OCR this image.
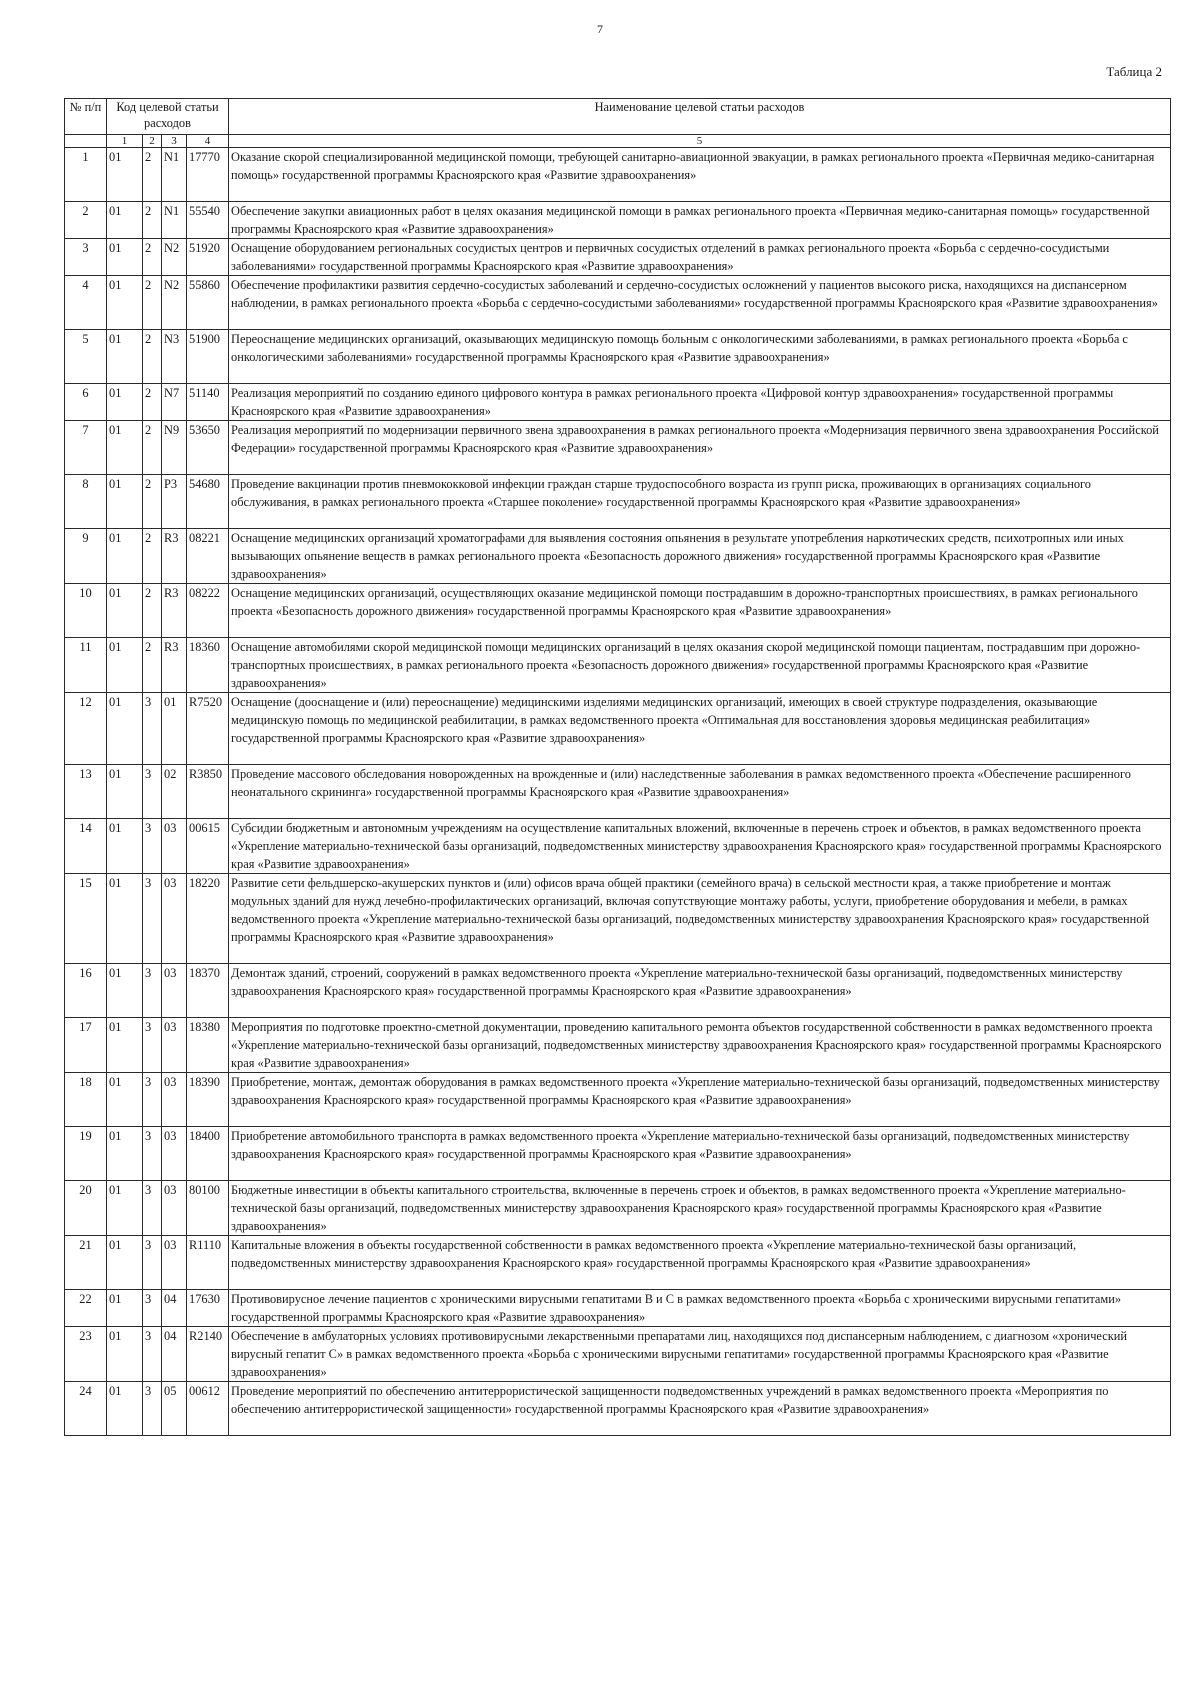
7
Таблица 2
№ п/п	Код целевой статьи расходов				Наименование целевой статьи расходов
	1	2	3	4	5
1	01	2	N1	17770	Оказание скорой специализированной медицинской помощи, требующей санитарно-авиационной эвакуации, в рамках регионального проекта «Первичная медико-санитарная помощь» государственной программы Красноярского края «Развитие здравоохранения»
2	01	2	N1	55540	Обеспечение закупки авиационных работ в целях оказания медицинской помощи в рамках регионального проекта «Первичная медико-санитарная помощь» государственной программы Красноярского края «Развитие здравоохранения»
3	01	2	N2	51920	Оснащение оборудованием региональных сосудистых центров и первичных сосудистых отделений в рамках регионального проекта «Борьба с сердечно-сосудистыми заболеваниями» государственной программы Красноярского края «Развитие здравоохранения»
4	01	2	N2	55860	Обеспечение профилактики развития сердечно-сосудистых заболеваний и сердечно-сосудистых осложнений у пациентов высокого риска, находящихся на диспансерном наблюдении, в рамках регионального проекта «Борьба с сердечно-сосудистыми заболеваниями» государственной программы Красноярского края «Развитие здравоохранения»
5	01	2	N3	51900	Переоснащение медицинских организаций, оказывающих медицинскую помощь больным с онкологическими заболеваниями, в рамках регионального проекта «Борьба с онкологическими заболеваниями» государственной программы Красноярского края «Развитие здравоохранения»
6	01	2	N7	51140	Реализация мероприятий по созданию единого цифрового контура в рамках регионального проекта «Цифровой контур здравоохранения» государственной программы Красноярского края «Развитие здравоохранения»
7	01	2	N9	53650	Реализация мероприятий по модернизации первичного звена здравоохранения в рамках регионального проекта «Модернизация первичного звена здравоохранения Российской Федерации» государственной программы Красноярского края «Развитие здравоохранения»
8	01	2	P3	54680	Проведение вакцинации против пневмококковой инфекции граждан старше трудоспособного возраста из групп риска, проживающих в организациях социального обслуживания, в рамках регионального проекта «Старшее поколение» государственной программы Красноярского края «Развитие здравоохранения»
9	01	2	R3	08221	Оснащение медицинских организаций хроматографами для выявления состояния опьянения в результате употребления наркотических средств, психотропных или иных вызывающих опьянение веществ в рамках регионального проекта «Безопасность дорожного движения» государственной программы Красноярского края «Развитие здравоохранения»
10	01	2	R3	08222	Оснащение медицинских организаций, осуществляющих оказание медицинской помощи пострадавшим в дорожно-транспортных происшествиях, в рамках регионального проекта «Безопасность дорожного движения» государственной программы Красноярского края «Развитие здравоохранения»
11	01	2	R3	18360	Оснащение автомобилями скорой медицинской помощи медицинских организаций в целях оказания скорой медицинской помощи пациентам, пострадавшим при дорожно-транспортных происшествиях, в рамках регионального проекта «Безопасность дорожного движения» государственной программы Красноярского края «Развитие здравоохранения»
12	01	3	01	R7520	Оснащение (дооснащение и (или) переоснащение) медицинскими изделиями медицинских организаций, имеющих в своей структуре подразделения, оказывающие медицинскую помощь по медицинской реабилитации, в рамках ведомственного проекта «Оптимальная для восстановления здоровья медицинская реабилитация» государственной программы Красноярского края «Развитие здравоохранения»
13	01	3	02	R3850	Проведение массового обследования новорожденных на врожденные и (или) наследственные заболевания в рамках ведомственного проекта «Обеспечение расширенного неонатального скрининга» государственной программы Красноярского края «Развитие здравоохранения»
14	01	3	03	00615	Субсидии бюджетным и автономным учреждениям на осуществление капитальных вложений, включенные в перечень строек и объектов, в рамках ведомственного проекта «Укрепление материально-технической базы организаций, подведомственных министерству здравоохранения Красноярского края» государственной программы Красноярского края «Развитие здравоохранения»
15	01	3	03	18220	Развитие сети фельдшерско-акушерских пунктов и (или) офисов врача общей практики (семейного врача) в сельской местности края, а также приобретение и монтаж модульных зданий для нужд лечебно-профилактических организаций, включая сопутствующие монтажу работы, услуги, приобретение оборудования и мебели, в рамках ведомственного проекта «Укрепление материально-технической базы организаций, подведомственных министерству здравоохранения Красноярского края» государственной программы Красноярского края «Развитие здравоохранения»
16	01	3	03	18370	Демонтаж зданий, строений, сооружений в рамках ведомственного проекта «Укрепление материально-технической базы организаций, подведомственных министерству здравоохранения Красноярского края» государственной программы Красноярского края «Развитие здравоохранения»
17	01	3	03	18380	Мероприятия по подготовке проектно-сметной документации, проведению капитального ремонта объектов государственной собственности в рамках ведомственного проекта «Укрепление материально-технической базы организаций, подведомственных министерству здравоохранения Красноярского края» государственной программы Красноярского края «Развитие здравоохранения»
18	01	3	03	18390	Приобретение, монтаж, демонтаж оборудования в рамках ведомственного проекта «Укрепление материально-технической базы организаций, подведомственных министерству здравоохранения Красноярского края» государственной программы Красноярского края «Развитие здравоохранения»
19	01	3	03	18400	Приобретение автомобильного транспорта в рамках ведомственного проекта «Укрепление материально-технической базы организаций, подведомственных министерству здравоохранения Красноярского края» государственной программы Красноярского края «Развитие здравоохранения»
20	01	3	03	80100	Бюджетные инвестиции в объекты капитального строительства, включенные в перечень строек и объектов, в рамках ведомственного проекта «Укрепление материально-технической базы организаций, подведомственных министерству здравоохранения Красноярского края» государственной программы Красноярского края «Развитие здравоохранения»
21	01	3	03	R1110	Капитальные вложения в объекты государственной собственности в рамках ведомственного проекта «Укрепление материально-технической базы организаций, подведомственных министерству здравоохранения Красноярского края» государственной программы Красноярского края «Развитие здравоохранения»
22	01	3	04	17630	Противовирусное лечение пациентов с хроническими вирусными гепатитами В и С в рамках ведомственного проекта «Борьба с хроническими вирусными гепатитами» государственной программы Красноярского края «Развитие здравоохранения»
23	01	3	04	R2140	Обеспечение в амбулаторных условиях противовирусными лекарственными препаратами лиц, находящихся под диспансерным наблюдением, с диагнозом «хронический вирусный гепатит С» в рамках ведомственного проекта «Борьба с хроническими вирусными гепатитами» государственной программы Красноярского края «Развитие здравоохранения»
24	01	3	05	00612	Проведение мероприятий по обеспечению антитеррористической защищенности подведомственных учреждений в рамках ведомственного проекта «Мероприятия по обеспечению антитеррористической защищенности» государственной программы Красноярского края «Развитие здравоохранения»
